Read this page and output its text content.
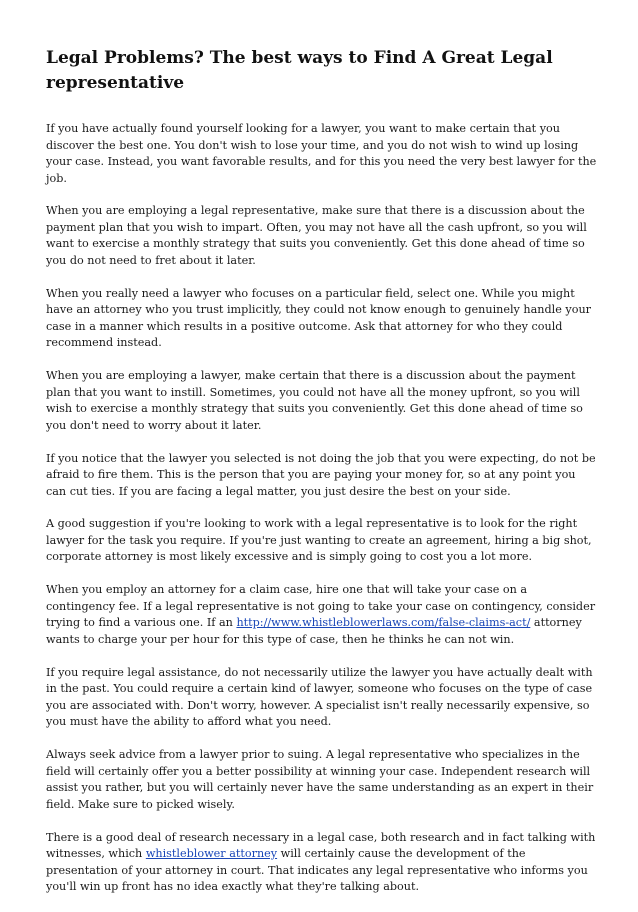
Legal Problems? The best ways to Find A Great Legal representative

If you have actually found yourself looking for a lawyer, you want to make certain that you discover the best one. You don't wish to lose your time, and you do not wish to wind up losing your case. Instead, you want favorable results, and for this you need the very best lawyer for the job.

When you are employing a legal representative, make sure that there is a discussion about the payment plan that you wish to impart. Often, you may not have all the cash upfront, so you will want to exercise a monthly strategy that suits you conveniently. Get this done ahead of time so you do not need to fret about it later.

When you really need a lawyer who focuses on a particular field, select one. While you might have an attorney who you trust implicitly, they could not know enough to genuinely handle your case in a manner which results in a positive outcome. Ask that attorney for who they could recommend instead.

When you are employing a lawyer, make certain that there is a discussion about the payment plan that you want to instill. Sometimes, you could not have all the money upfront, so you will wish to exercise a monthly strategy that suits you conveniently. Get this done ahead of time so you don't need to worry about it later.

If you notice that the lawyer you selected is not doing the job that you were expecting, do not be afraid to fire them. This is the person that you are paying your money for, so at any point you can cut ties. If you are facing a legal matter, you just desire the best on your side.

A good suggestion if you're looking to work with a legal representative is to look for the right lawyer for the task you require. If you're just wanting to create an agreement, hiring a big shot, corporate attorney is most likely excessive and is simply going to cost you a lot more.

When you employ an attorney for a claim case, hire one that will take your case on a contingency fee. If a legal representative is not going to take your case on contingency, consider trying to find a various one. If an http://www.whistleblowerlaws.com/false-claims-act/ attorney wants to charge your per hour for this type of case, then he thinks he can not win.

If you require legal assistance, do not necessarily utilize the lawyer you have actually dealt with in the past. You could require a certain kind of lawyer, someone who focuses on the type of case you are associated with. Don't worry, however. A specialist isn't really necessarily expensive, so you must have the ability to afford what you need.

Always seek advice from a lawyer prior to suing. A legal representative who specializes in the field will certainly offer you a better possibility at winning your case. Independent research will assist you rather, but you will certainly never have the same understanding as an expert in their field. Make sure to picked wisely.

There is a good deal of research necessary in a legal case, both research and in fact talking with witnesses, which whistleblower attorney will certainly cause the development of the presentation of your attorney in court. That indicates any legal representative who informs you you'll win up front has no idea exactly what they're talking about.
